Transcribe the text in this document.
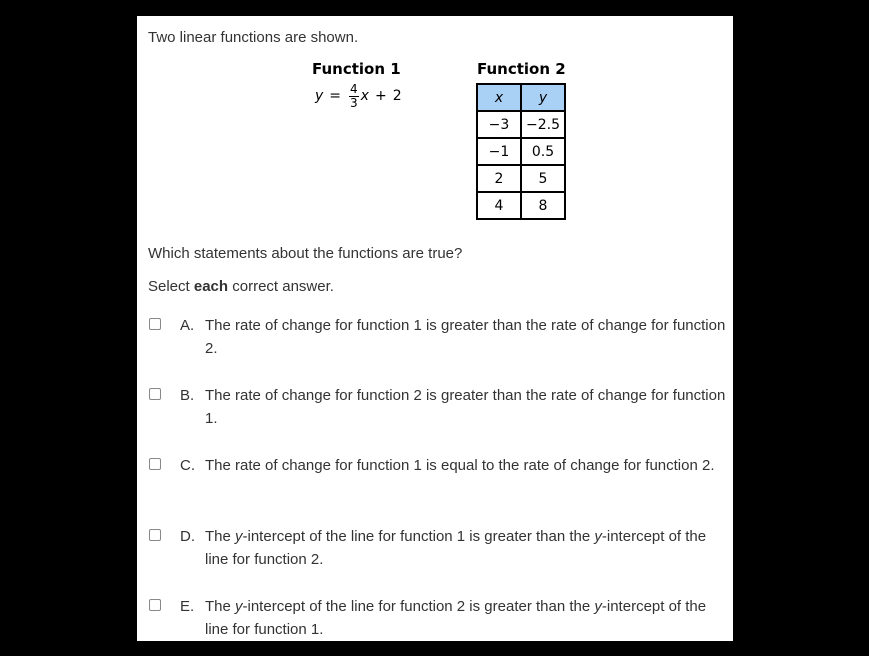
Two linear functions are shown.
Function 1	Function 2
$y = \frac{4}{3}$ x + 2	x	y
−3	−2.5
−1	0.5
2	5
4	8
Which statements about the functions are true?
Select each correct answer.
A. The rate of change for function 1 is greater than the rate of change for function 2.
B. The rate of change for function 2 is greater than the rate of change for function 1.
C. The rate of change for function 1 is equal to the rate of change for function 2.
D. The y-intercept of the line for function 1 is greater than the y-intercept of the line for function 2.
E. The y-intercept of the line for function 2 is greater than the y-intercept of the line for function 1.
